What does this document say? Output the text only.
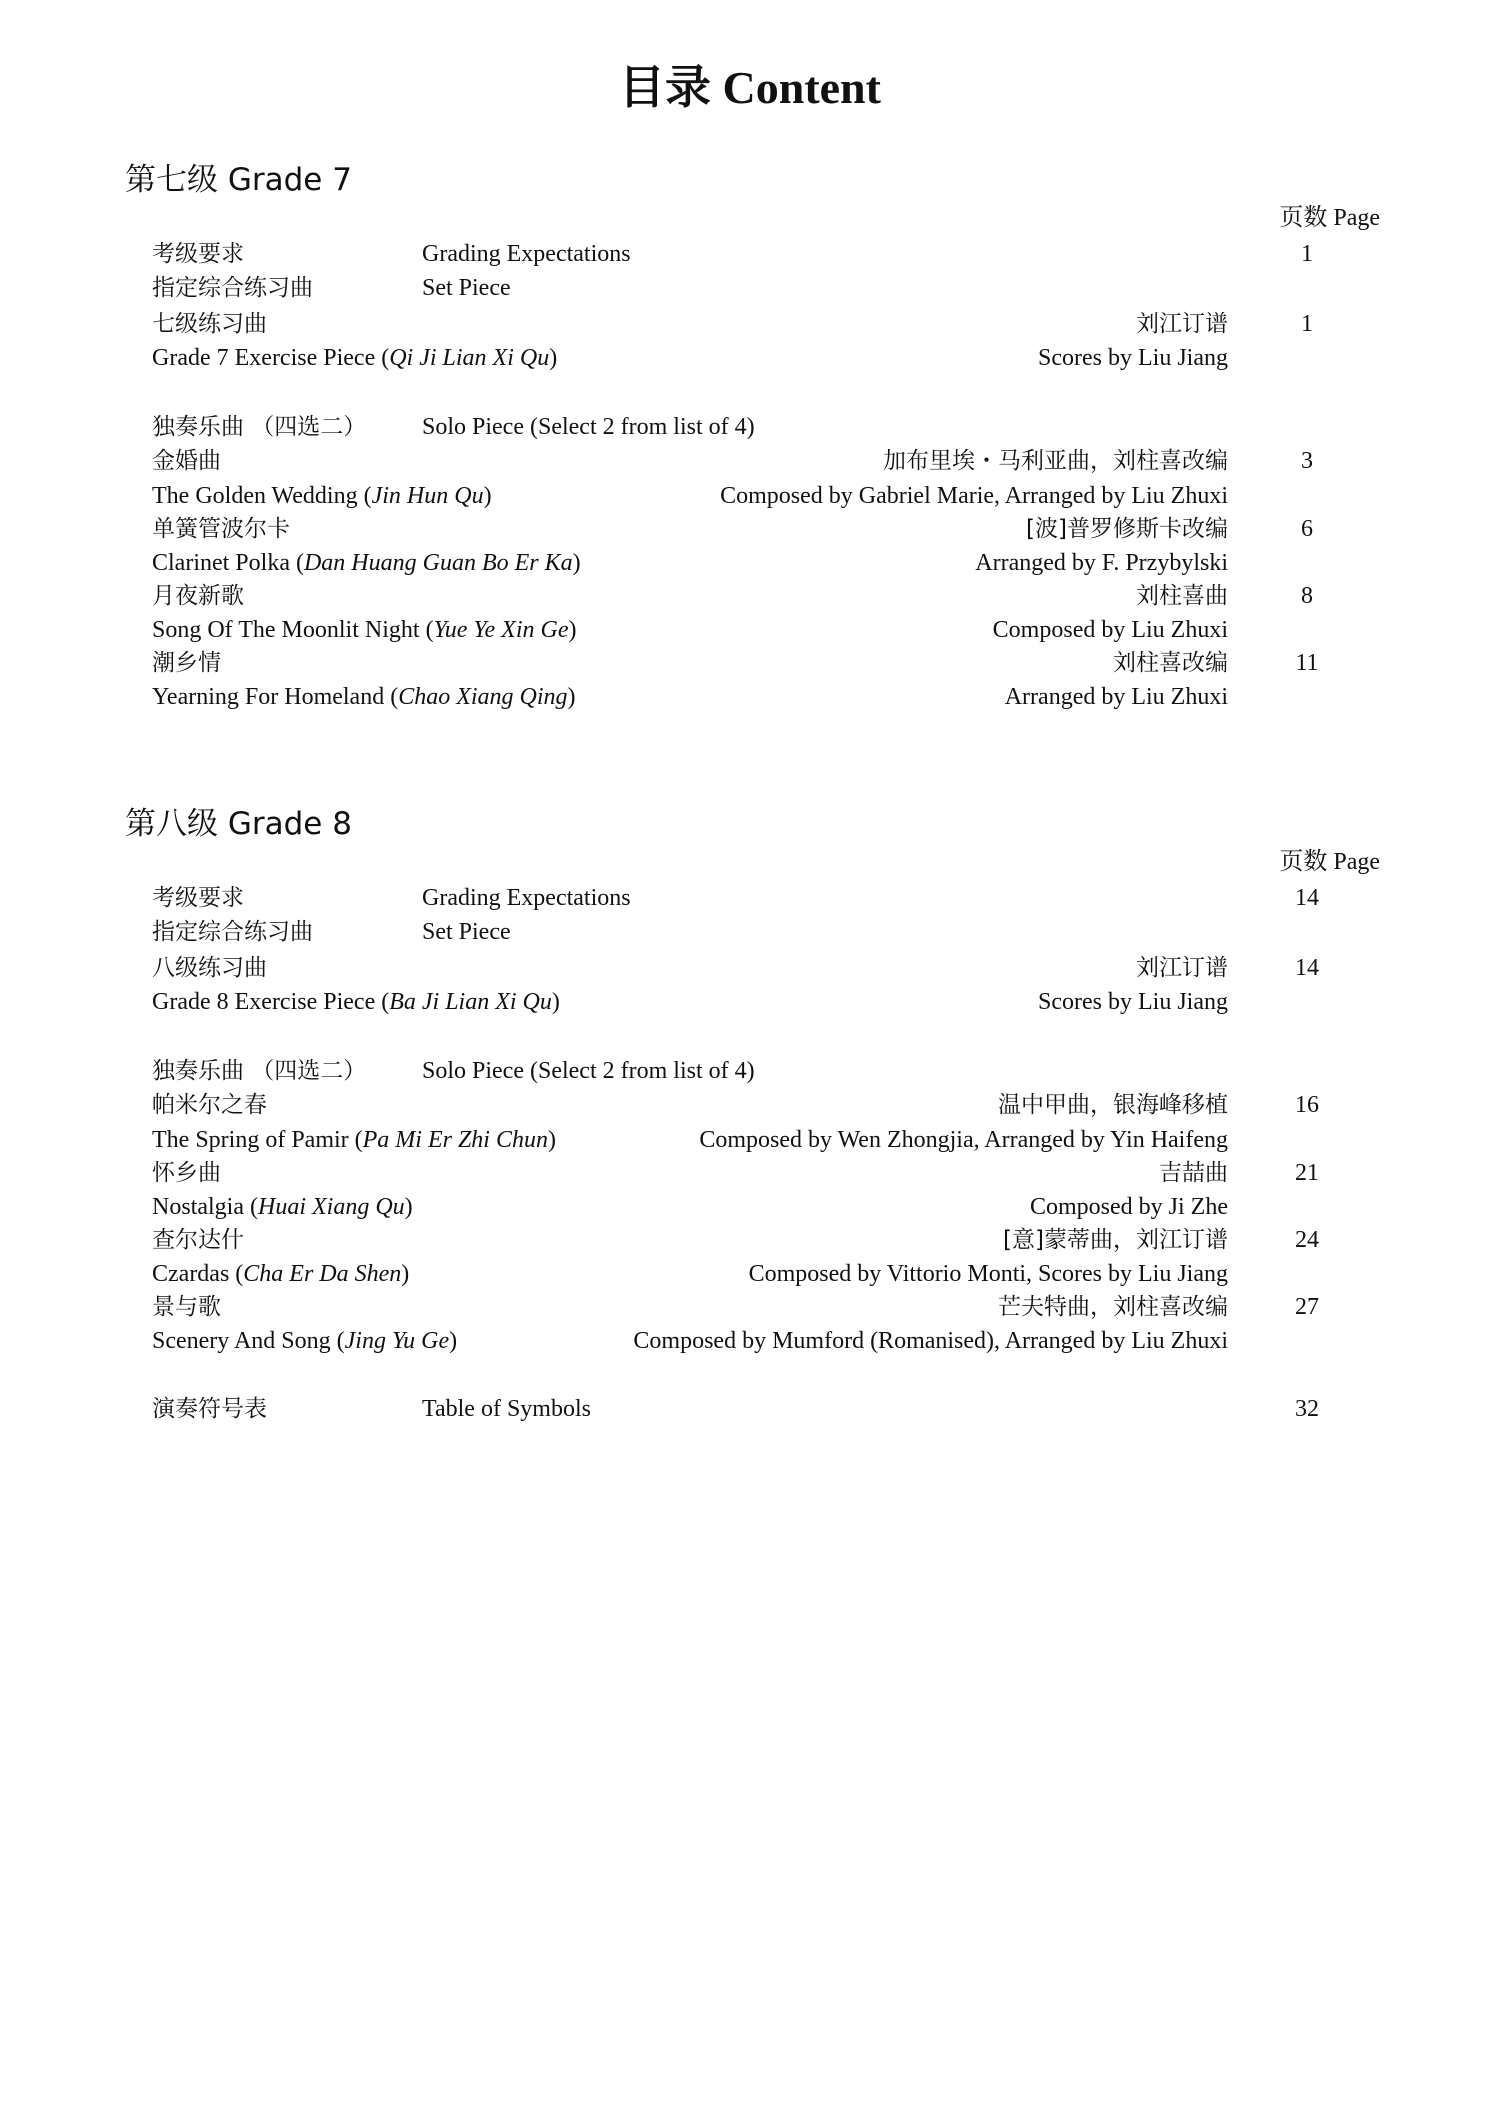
目录 Content
第七级 Grade 7
页数 Page
考级要求	Grading Expectations	1
指定综合练习曲	Set Piece
七级练习曲	刘江订谱	1
Grade 7 Exercise Piece (Qi Ji Lian Xi Qu)	Scores by Liu Jiang
独奏乐曲 （四选二） Solo Piece (Select 2 from list of 4)
金婚曲	加布里埃・马利亚曲，刘柱喜改编	3
The Golden Wedding (Jin Hun Qu)	Composed by Gabriel Marie, Arranged by Liu Zhuxi
单簧管波尔卡	[波]普罗修斯卡改编	6
Clarinet Polka (Dan Huang Guan Bo Er Ka)	Arranged by F. Przybylski
月夜新歌	刘柱喜曲	8
Song Of The Moonlit Night (Yue Ye Xin Ge)	Composed by Liu Zhuxi
潮乡情	刘柱喜改编	11
Yearning For Homeland (Chao Xiang Qing)	Arranged by Liu Zhuxi
第八级 Grade 8
页数 Page
考级要求	Grading Expectations	14
指定综合练习曲	Set Piece
八级练习曲	刘江订谱	14
Grade 8 Exercise Piece (Ba Ji Lian Xi Qu)	Scores by Liu Jiang
独奏乐曲 （四选二） Solo Piece (Select 2 from list of 4)
帕米尔之春	温中甲曲，银海峰移植	16
The Spring of Pamir (Pa Mi Er Zhi Chun)	Composed by Wen Zhongjia, Arranged by Yin Haifeng
怀乡曲	吉喆曲	21
Nostalgia (Huai Xiang Qu)	Composed by Ji Zhe
查尔达什	[意]蒙蒂曲，刘江订谱	24
Czardas (Cha Er Da Shen)	Composed by Vittorio Monti, Scores by Liu Jiang
景与歌	芒夫特曲，刘柱喜改编	27
Scenery And Song (Jing Yu Ge)	Composed by Mumford (Romanised), Arranged by Liu Zhuxi
演奏符号表	Table of Symbols	32
